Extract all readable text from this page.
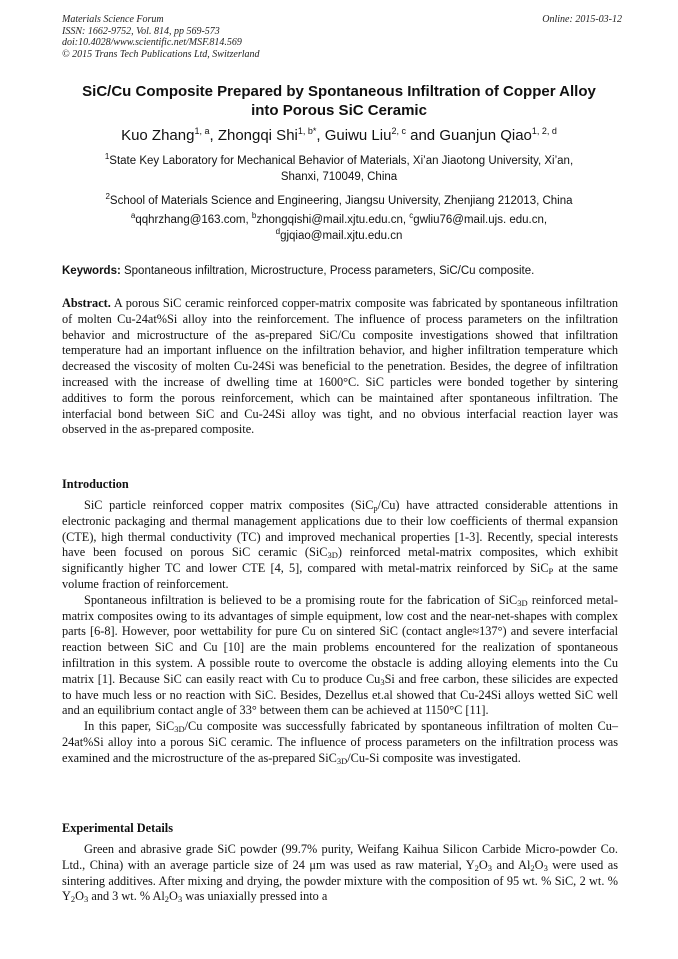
Materials Science Forum
ISSN: 1662-9752, Vol. 814, pp 569-573
doi:10.4028/www.scientific.net/MSF.814.569
© 2015 Trans Tech Publications Ltd, Switzerland
Online: 2015-03-12
SiC/Cu Composite Prepared by Spontaneous Infiltration of Copper Alloy
into Porous SiC Ceramic
Kuo Zhang$^{1, a}$, Zhongqi Shi$^{1, b*}$, Guiwu Liu$^{2, c}$ and Guanjun Qiao$^{1, 2, d}$
$^1$State Key Laboratory for Mechanical Behavior of Materials, Xi’an Jiaotong University, Xi’an,
Shanxi, 710049, China
$^2$School of Materials Science and Engineering, Jiangsu University, Zhenjiang 212013, China
$^a$qqhrzhang@163.com, $^b$zhongqishi@mail.xjtu.edu.cn, $^c$gwliu76@mail.ujs. edu.cn,
$^d$gjqiao@mail.xjtu.edu.cn
Keywords: Spontaneous infiltration, Microstructure, Process parameters, SiC/Cu composite.
Abstract. A porous SiC ceramic reinforced copper-matrix composite was fabricated by spontaneous infiltration of molten Cu-24at%Si alloy into the reinforcement. The influence of process parameters on the infiltration behavior and microstructure of the as-prepared SiC/Cu composite investigations showed that infiltration temperature had an important influence on the infiltration behavior, and higher infiltration temperature which decreased the viscosity of molten Cu-24Si was beneficial to the penetration. Besides, the degree of infiltration increased with the increase of dwelling time at 1600°C. SiC particles were bonded together by sintering additives to form the porous reinforcement, which can be maintained after spontaneous infiltration. The interfacial bond between SiC and Cu-24Si alloy was tight, and no obvious interfacial reaction layer was observed in the as-prepared composite.
Introduction

SiC particle reinforced copper matrix composites (SiC$_p$/Cu) have attracted considerable attentions in electronic packaging and thermal management applications due to their low coefficients of thermal expansion (CTE), high thermal conductivity (TC) and improved mechanical properties [1-3]. Recently, special interests have been focused on porous SiC ceramic (SiC$_{3D}$) reinforced metal-matrix composites, which exhibit significantly higher TC and lower CTE [4, 5], compared with metal-matrix reinforced by SiC$_P$ at the same volume fraction of reinforcement.

Spontaneous infiltration is believed to be a promising route for the fabrication of SiC$_{3D}$ reinforced metal-matrix composites owing to its advantages of simple equipment, low cost and the near-net-shapes with complex parts [6-8]. However, poor wettability for pure Cu on sintered SiC (contact angle≈137°) and severe interfacial reaction between SiC and Cu [10] are the main problems encountered for the realization of spontaneous infiltration in this system. A possible route to overcome the obstacle is adding alloying elements into the Cu matrix [1]. Because SiC can easily react with Cu to produce $Cu_3Si$ and free carbon, these silicides are expected to have much less or no reaction with SiC. Besides, Dezellus et.al showed that Cu-24Si alloys wetted SiC well and an equilibrium contact angle of 33° between them can be achieved at 1150°C [11].

In this paper, SiC$_{3D}$/Cu composite was successfully fabricated by spontaneous infiltration of molten Cu–24at%Si alloy into a porous SiC ceramic. The influence of process parameters on the infiltration process was examined and the microstructure of the as-prepared SiC$_{3D}$/Cu-Si composite was investigated.

Experimental Details

Green and abrasive grade SiC powder (99.7% purity, Weifang Kaihua Silicon Carbide Micro-powder Co. Ltd., China) with an average particle size of 24 μm was used as raw material, $Y_2O_3$ and $Al_2O_3$ were used as sintering additives. After mixing and drying, the powder mixture with the composition of 95 wt. % SiC, 2 wt. % $Y_2O_3$ and 3 wt. % $Al_2O_3$ was uniaxially pressed into a
